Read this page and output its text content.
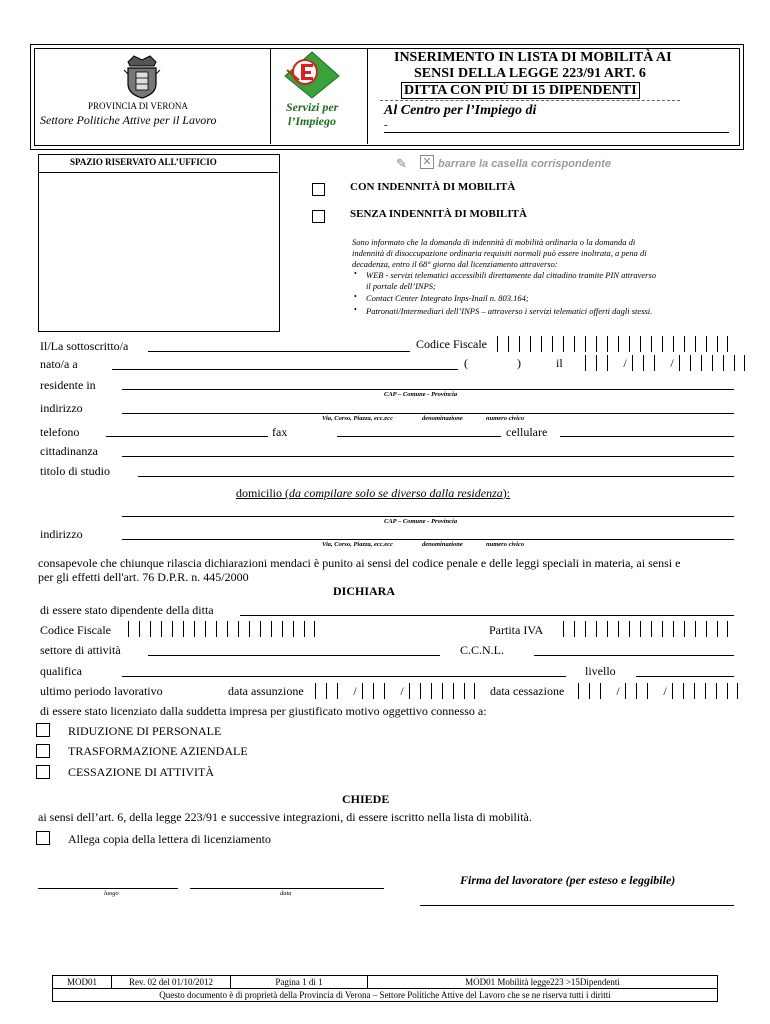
PROVINCIA DI VERONA
Settore Politiche Attive per il Lavoro
Servizi per
l’Impiego
INSERIMENTO IN LISTA DI MOBILITÀ AI
SENSI DELLA LEGGE 223/91 ART. 6
DITTA CON PIÙ DI 15 DIPENDENTI
Al Centro per l’Impiego di
-
SPAZIO RISERVATO ALL’UFFICIO	✎ ✕ barrare la casella corrispondente
CON INDENNITÀ DI MOBILITÀ
SENZA INDENNITÀ DI MOBILITÀ
Sono informato che la domanda di indennità di mobilità ordinaria o la domanda di
indennità di disoccupazione ordinaria requisiti normali può essere inoltrata, a pena di
decadenza, entro il 68° giorno dal licenziamento attraverso:
• WEB - servizi telematici accessibili direttamente dal cittadino tramite PIN attraverso
il portale dell’INPS;
• Contact Center Integrato Inps-Inail n. 803.164;
• Patronati/Intermediari dell’INPS – attraverso i servizi telematici offerti dagli stessi.
Il/La sottoscritto/a	Codice Fiscale
nato/a a	(	)	il	/	/
residente in
CAP – Comune - Provincia
indirizzo
Via, Corso, Piazza, ecc.ecc	denominazione	numero civico
telefono	fax	cellulare
cittadinanza
titolo di studio
domicilio (da compilare solo se diverso dalla residenza):
CAP – Comune - Provincia
indirizzo
Via, Corso, Piazza, ecc.ecc	denominazione	numero civico
consapevole che chiunque rilascia dichiarazioni mendaci è punito ai sensi del codice penale e delle leggi speciali in materia, ai sensi e
per gli effetti dell'art. 76 D.P.R. n. 445/2000
DICHIARA
di essere stato dipendente della ditta
Codice Fiscale	Partita IVA
settore di attività	C.C.N.L.
qualifica	livello
ultimo periodo lavorativo	data assunzione	/	/	data cessazione	/	/
di essere stato licenziato dalla suddetta impresa per giustificato motivo oggettivo connesso a:
RIDUZIONE DI PERSONALE
TRASFORMAZIONE AZIENDALE
CESSAZIONE DI ATTIVITÀ
CHIEDE
ai sensi dell’art. 6, della legge 223/91 e successive integrazioni, di essere iscritto nella lista di mobilità.
Allega copia della lettera di licenziamento
luogo	data
Firma del lavoratore (per esteso e leggibile)
MOD01	Rev. 02 del 01/10/2012	Pagina 1 di 1	MOD01 Mobilità legge223 >15Dipendenti
Questo documento è di proprietà della Provincia di Verona – Settore Politiche Attive del Lavoro che se ne riserva tutti i diritti
